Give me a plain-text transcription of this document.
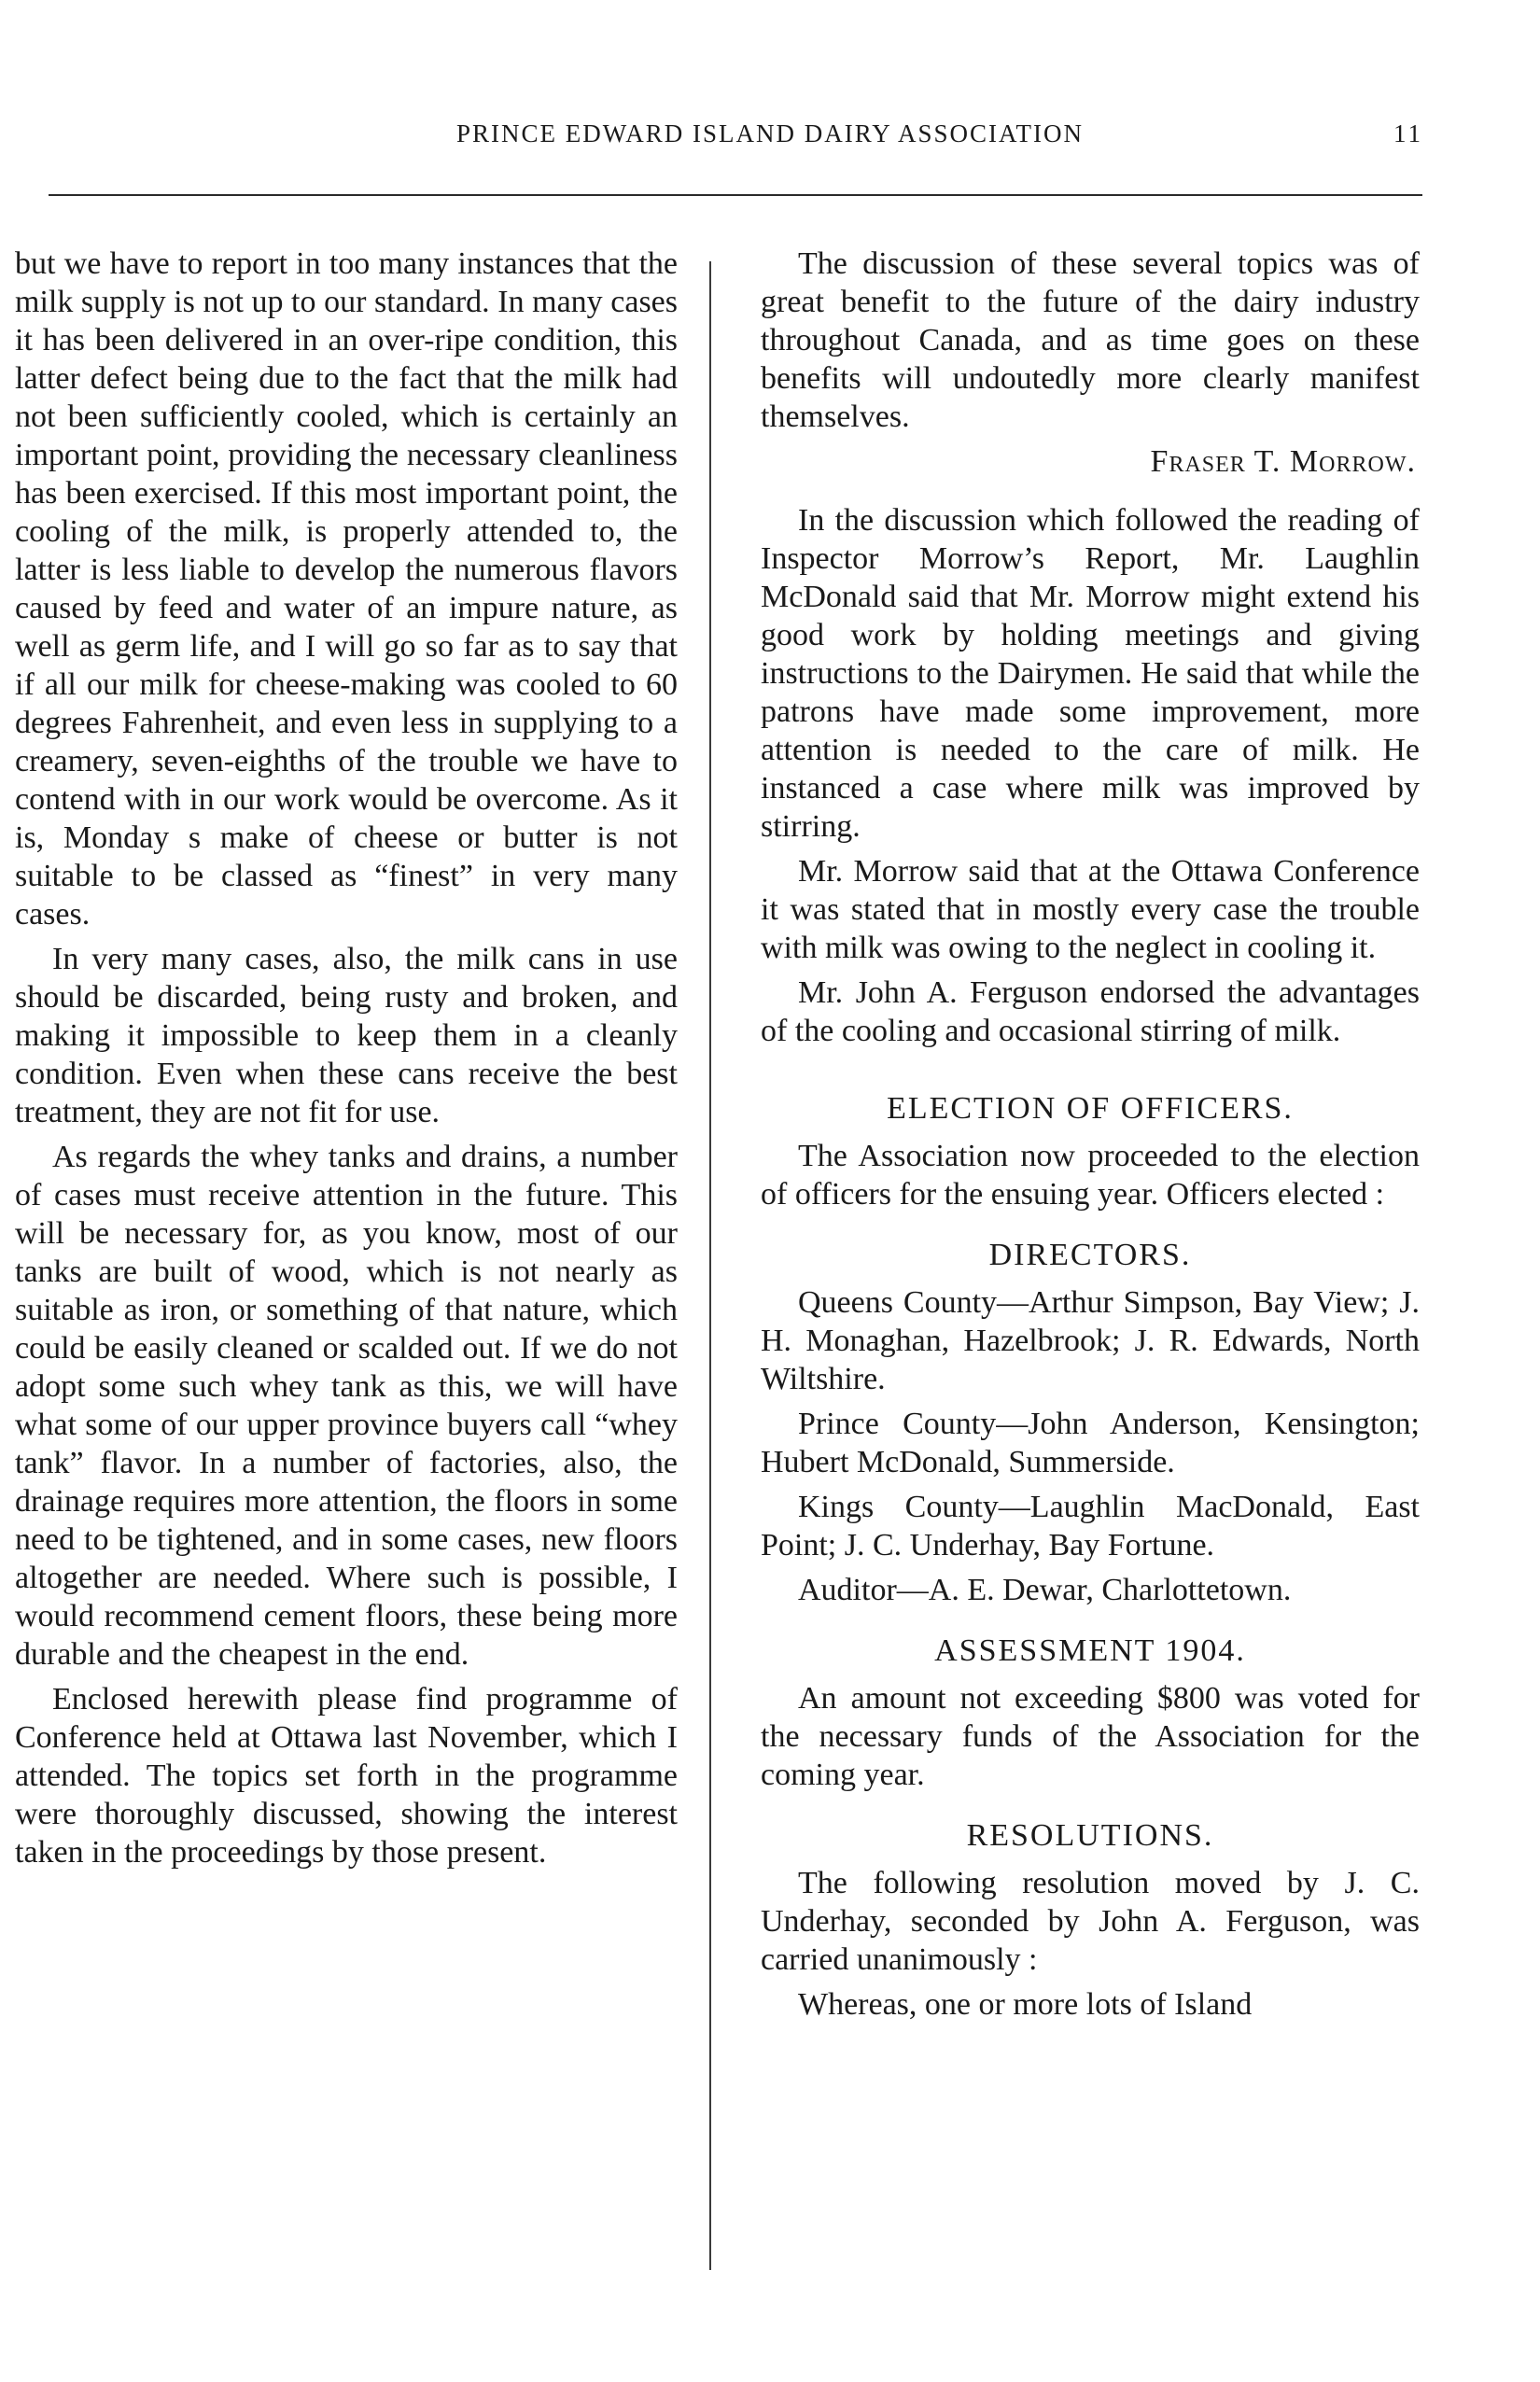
PRINCE EDWARD ISLAND DAIRY ASSOCIATION	11

but we have to report in too many instances that the milk supply is not up to our standard. In many cases it has been delivered in an over-ripe condition, this latter defect being due to the fact that the milk had not been sufficiently cooled, which is certainly an important point, providing the necessary cleanliness has been exercised. If this most important point, the cooling of the milk, is properly attended to, the latter is less liable to develop the numerous flavors caused by feed and water of an impure nature, as well as germ life, and I will go so far as to say that if all our milk for cheese-making was cooled to 60 degrees Fahrenheit, and even less in supplying to a creamery, seven-eighths of the trouble we have to contend with in our work would be overcome. As it is, Monday s make of cheese or butter is not suitable to be classed as “finest” in very many cases.

In very many cases, also, the milk cans in use should be discarded, being rusty and broken, and making it impossible to keep them in a cleanly condition. Even when these cans receive the best treatment, they are not fit for use.

As regards the whey tanks and drains, a number of cases must receive attention in the future. This will be necessary for, as you know, most of our tanks are built of wood, which is not nearly as suitable as iron, or something of that nature, which could be easily cleaned or scalded out. If we do not adopt some such whey tank as this, we will have what some of our upper province buyers call “whey tank” flavor. In a number of factories, also, the drainage requires more attention, the floors in some need to be tightened, and in some cases, new floors altogether are needed. Where such is possible, I would recommend cement floors, these being more durable and the cheapest in the end.

Enclosed herewith please find programme of Conference held at Ottawa last November, which I attended. The topics set forth in the programme were thoroughly discussed, showing the interest taken in the proceedings by those present.

The discussion of these several topics was of great benefit to the future of the dairy industry throughout Canada, and as time goes on these benefits will undoutedly more clearly manifest themselves.

Fraser T. Morrow.

In the discussion which followed the reading of Inspector Morrow’s Report, Mr. Laughlin McDonald said that Mr. Morrow might extend his good work by holding meetings and giving instructions to the Dairymen. He said that while the patrons have made some improvement, more attention is needed to the care of milk. He instanced a case where milk was improved by stirring.

Mr. Morrow said that at the Ottawa Conference it was stated that in mostly every case the trouble with milk was owing to the neglect in cooling it.

Mr. John A. Ferguson endorsed the advantages of the cooling and occasional stirring of milk.

ELECTION OF OFFICERS.

The Association now proceeded to the election of officers for the ensuing year. Officers elected :

DIRECTORS.

Queens County—Arthur Simpson, Bay View; J. H. Monaghan, Hazelbrook; J. R. Edwards, North Wiltshire.

Prince County—John Anderson, Kensington; Hubert McDonald, Summerside.

Kings County—Laughlin MacDonald, East Point; J. C. Underhay, Bay Fortune.

Auditor—A. E. Dewar, Charlottetown.

ASSESSMENT 1904.

An amount not exceeding $800 was voted for the necessary funds of the Association for the coming year.

RESOLUTIONS.

The following resolution moved by J. C. Underhay, seconded by John A. Ferguson, was carried unanimously :

Whereas, one or more lots of Island
